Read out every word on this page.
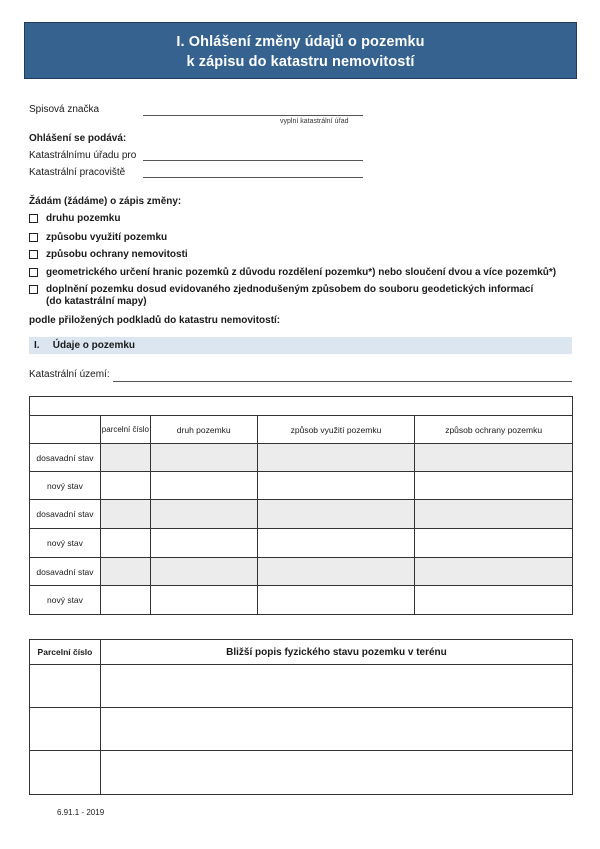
I. Ohlášení změny údajů o pozemku
k zápisu do katastru nemovitostí
Spisová značka
vyplní katastrální úřad
Ohlášení se podává:
Katastrálnímu úřadu pro
Katastrální pracoviště
Žádám (žádáme) o zápis změny:
druhu pozemku
způsobu využití pozemku
způsobu ochrany nemovitosti
geometrického určení hranic pozemků z důvodu rozdělení pozemku*) nebo sloučení dvou a více pozemků*)
doplnění pozemku dosud evidovaného zjednodušeným způsobem do souboru geodetických informací
(do katastrální mapy)
podle přiložených podkladů do katastru nemovitostí:
I. Údaje o pozemku
Katastrální území:

	parcelní číslo	druh pozemku	způsob využití pozemku	způsob ochrany pozemku
dosavadní stav				
nový stav				
dosavadní stav				
nový stav				
dosavadní stav				
nový stav				
Parcelní číslo	Bližší popis fyzického stavu pozemku v terénu

6.91.1 - 2019
